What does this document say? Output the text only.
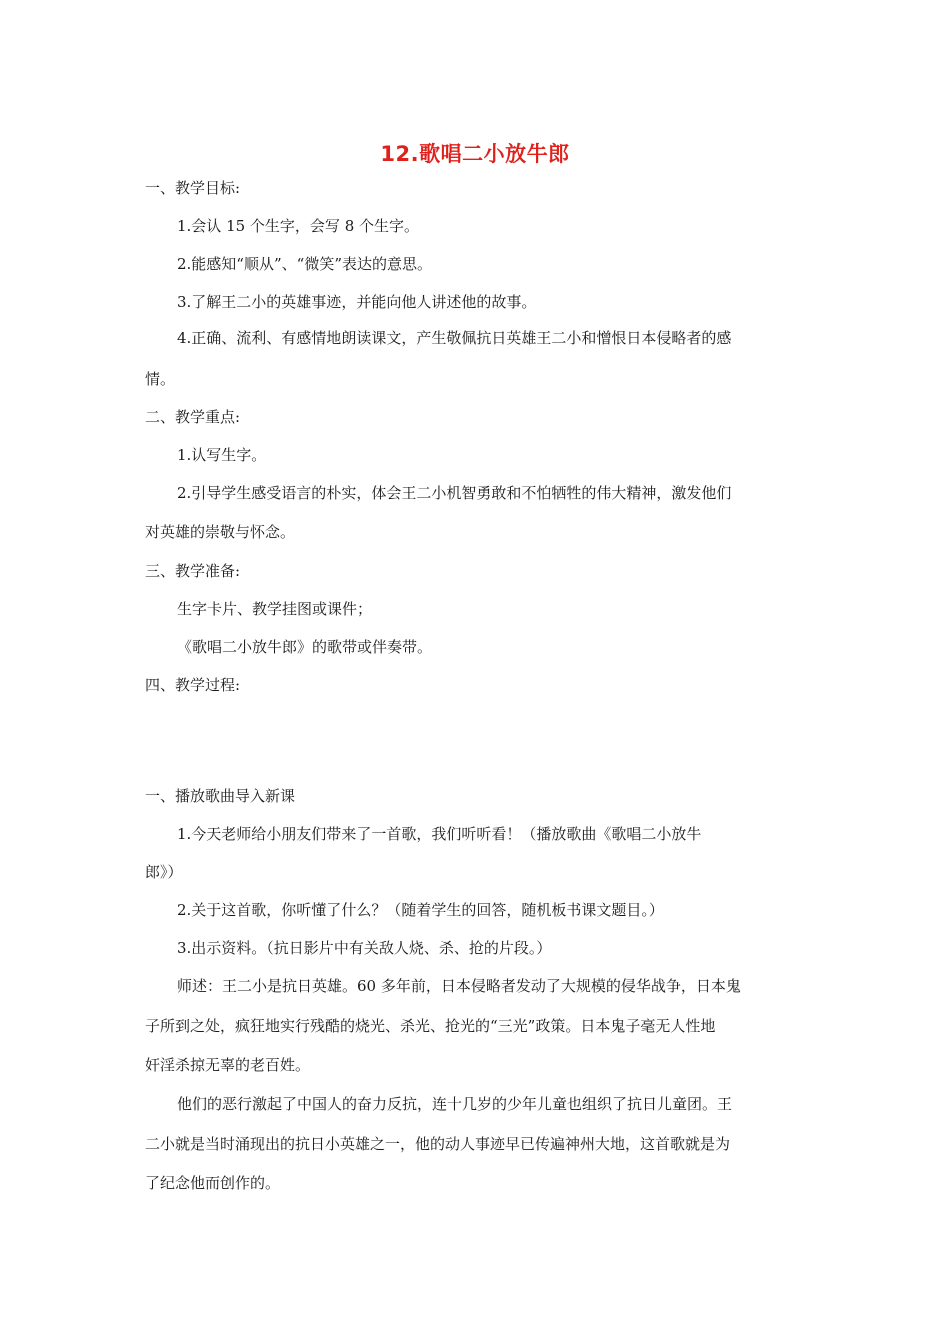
12.歌唱二小放牛郎
一、教学目标:
1.会认 15 个生字，会写 8 个生字。
2.能感知“顺从”、“微笑”表达的意思。
3.了解王二小的英雄事迹，并能向他人讲述他的故事。
4.正确、流利、有感情地朗读课文，产生敬佩抗日英雄王二小和憎恨日本侵略者的感
情。
二、教学重点:
1.认写生字。
2.引导学生感受语言的朴实，体会王二小机智勇敢和不怕牺牲的伟大精神，激发他们
对英雄的崇敬与怀念。
三、教学准备:
生字卡片、教学挂图或课件；
《歌唱二小放牛郎》的歌带或伴奏带。
四、教学过程:
一、播放歌曲导入新课
1.今天老师给小朋友们带来了一首歌，我们听听看！（播放歌曲《歌唱二小放牛
郎》）
2.关于这首歌，你听懂了什么？（随着学生的回答，随机板书课文题目。）
3.出示资料。（抗日影片中有关敌人烧、杀、抢的片段。）
师述：王二小是抗日英雄。60 多年前，日本侵略者发动了大规模的侵华战争，日本鬼
子所到之处，疯狂地实行残酷的烧光、杀光、抢光的“三光”政策。日本鬼子毫无人性地
奸淫杀掠无辜的老百姓。
他们的恶行激起了中国人的奋力反抗，连十几岁的少年儿童也组织了抗日儿童团。王
二小就是当时涌现出的抗日小英雄之一，他的动人事迹早已传遍神州大地，这首歌就是为
了纪念他而创作的。
